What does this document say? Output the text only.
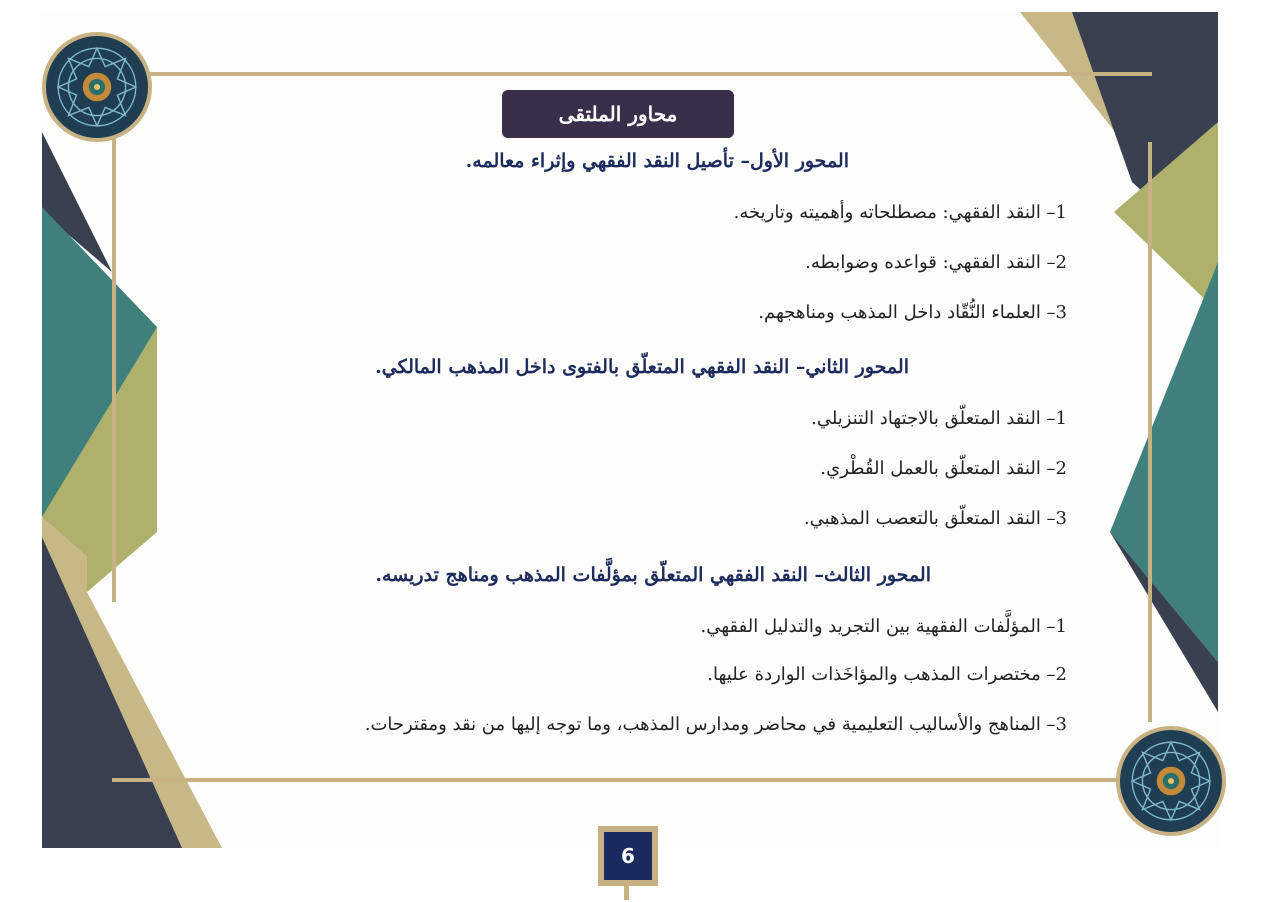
محاور الملتقى
المحور الأول– تأصيل النقد الفقهي وإثراء معالمه.
1– النقد الفقهي: مصطلحاته وأهميته وتاريخه.
2– النقد الفقهي: قواعده وضوابطه.
3– العلماء النُّقّاد داخل المذهب ومناهجهم.
المحور الثاني– النقد الفقهي المتعلّق بالفتوى داخل المذهب المالكي.
1– النقد المتعلّق بالاجتهاد التنزيلي.
2– النقد المتعلّق بالعمل القُطْري.
3– النقد المتعلّق بالتعصب المذهبي.
المحور الثالث– النقد الفقهي المتعلّق بمؤلَّفات المذهب ومناهج تدريسه.
1– المؤلَّفات الفقهية بين التجريد والتدليل الفقهي.
2– مختصرات المذهب والمؤاخَذات الواردة عليها.
3– المناهج والأساليب التعليمية في محاضر ومدارس المذهب، وما توجه إليها من نقد ومقترحات.
6
